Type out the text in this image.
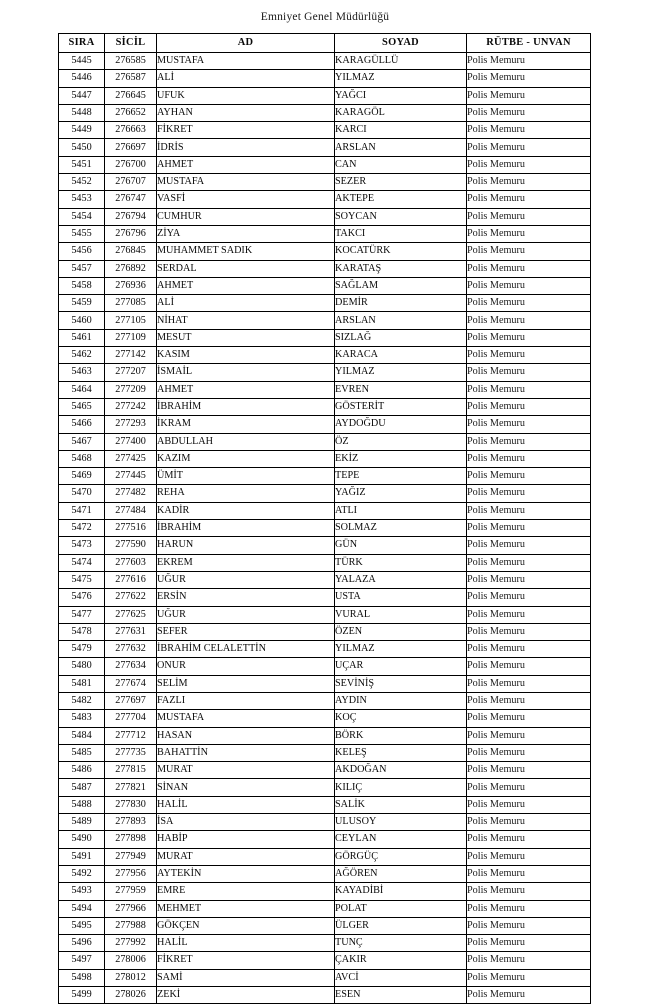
Emniyet Genel Müdürlüğü
SIRA	SİCİL	AD	SOYAD	RÜTBE - UNVAN
5445	276585	MUSTAFA	KARAGÜLLÜ	Polis Memuru
5446	276587	ALİ	YILMAZ	Polis Memuru
5447	276645	UFUK	YAĞCI	Polis Memuru
5448	276652	AYHAN	KARAGÖL	Polis Memuru
5449	276663	FİKRET	KARCI	Polis Memuru
5450	276697	İDRİS	ARSLAN	Polis Memuru
5451	276700	AHMET	CAN	Polis Memuru
5452	276707	MUSTAFA	SEZER	Polis Memuru
5453	276747	VASFİ	AKTEPE	Polis Memuru
5454	276794	CUMHUR	SOYCAN	Polis Memuru
5455	276796	ZİYA	TAKCI	Polis Memuru
5456	276845	MUHAMMET SADIK	KOCATÜRK	Polis Memuru
5457	276892	SERDAL	KARATAŞ	Polis Memuru
5458	276936	AHMET	SAĞLAM	Polis Memuru
5459	277085	ALİ	DEMİR	Polis Memuru
5460	277105	NİHAT	ARSLAN	Polis Memuru
5461	277109	MESUT	SIZLAĞ	Polis Memuru
5462	277142	KASIM	KARACA	Polis Memuru
5463	277207	İSMAİL	YILMAZ	Polis Memuru
5464	277209	AHMET	EVREN	Polis Memuru
5465	277242	İBRAHİM	GÖSTERİT	Polis Memuru
5466	277293	İKRAM	AYDOĞDU	Polis Memuru
5467	277400	ABDULLAH	ÖZ	Polis Memuru
5468	277425	KAZIM	EKİZ	Polis Memuru
5469	277445	ÜMİT	TEPE	Polis Memuru
5470	277482	REHA	YAĞIZ	Polis Memuru
5471	277484	KADİR	ATLI	Polis Memuru
5472	277516	İBRAHİM	SOLMAZ	Polis Memuru
5473	277590	HARUN	GÜN	Polis Memuru
5474	277603	EKREM	TÜRK	Polis Memuru
5475	277616	UĞUR	YALAZA	Polis Memuru
5476	277622	ERSİN	USTA	Polis Memuru
5477	277625	UĞUR	VURAL	Polis Memuru
5478	277631	SEFER	ÖZEN	Polis Memuru
5479	277632	İBRAHİM CELALETTİN	YILMAZ	Polis Memuru
5480	277634	ONUR	UÇAR	Polis Memuru
5481	277674	SELİM	SEVİNİŞ	Polis Memuru
5482	277697	FAZLI	AYDIN	Polis Memuru
5483	277704	MUSTAFA	KOÇ	Polis Memuru
5484	277712	HASAN	BÖRK	Polis Memuru
5485	277735	BAHATTİN	KELEŞ	Polis Memuru
5486	277815	MURAT	AKDOĞAN	Polis Memuru
5487	277821	SİNAN	KILIÇ	Polis Memuru
5488	277830	HALİL	SALİK	Polis Memuru
5489	277893	İSA	ULUSOY	Polis Memuru
5490	277898	HABİP	CEYLAN	Polis Memuru
5491	277949	MURAT	GÖRGÜÇ	Polis Memuru
5492	277956	AYTEKİN	AĞÖREN	Polis Memuru
5493	277959	EMRE	KAYADİBİ	Polis Memuru
5494	277966	MEHMET	POLAT	Polis Memuru
5495	277988	GÖKÇEN	ÜLGER	Polis Memuru
5496	277992	HALİL	TUNÇ	Polis Memuru
5497	278006	FİKRET	ÇAKIR	Polis Memuru
5498	278012	SAMİ	AVCİ	Polis Memuru
5499	278026	ZEKİ	ESEN	Polis Memuru
